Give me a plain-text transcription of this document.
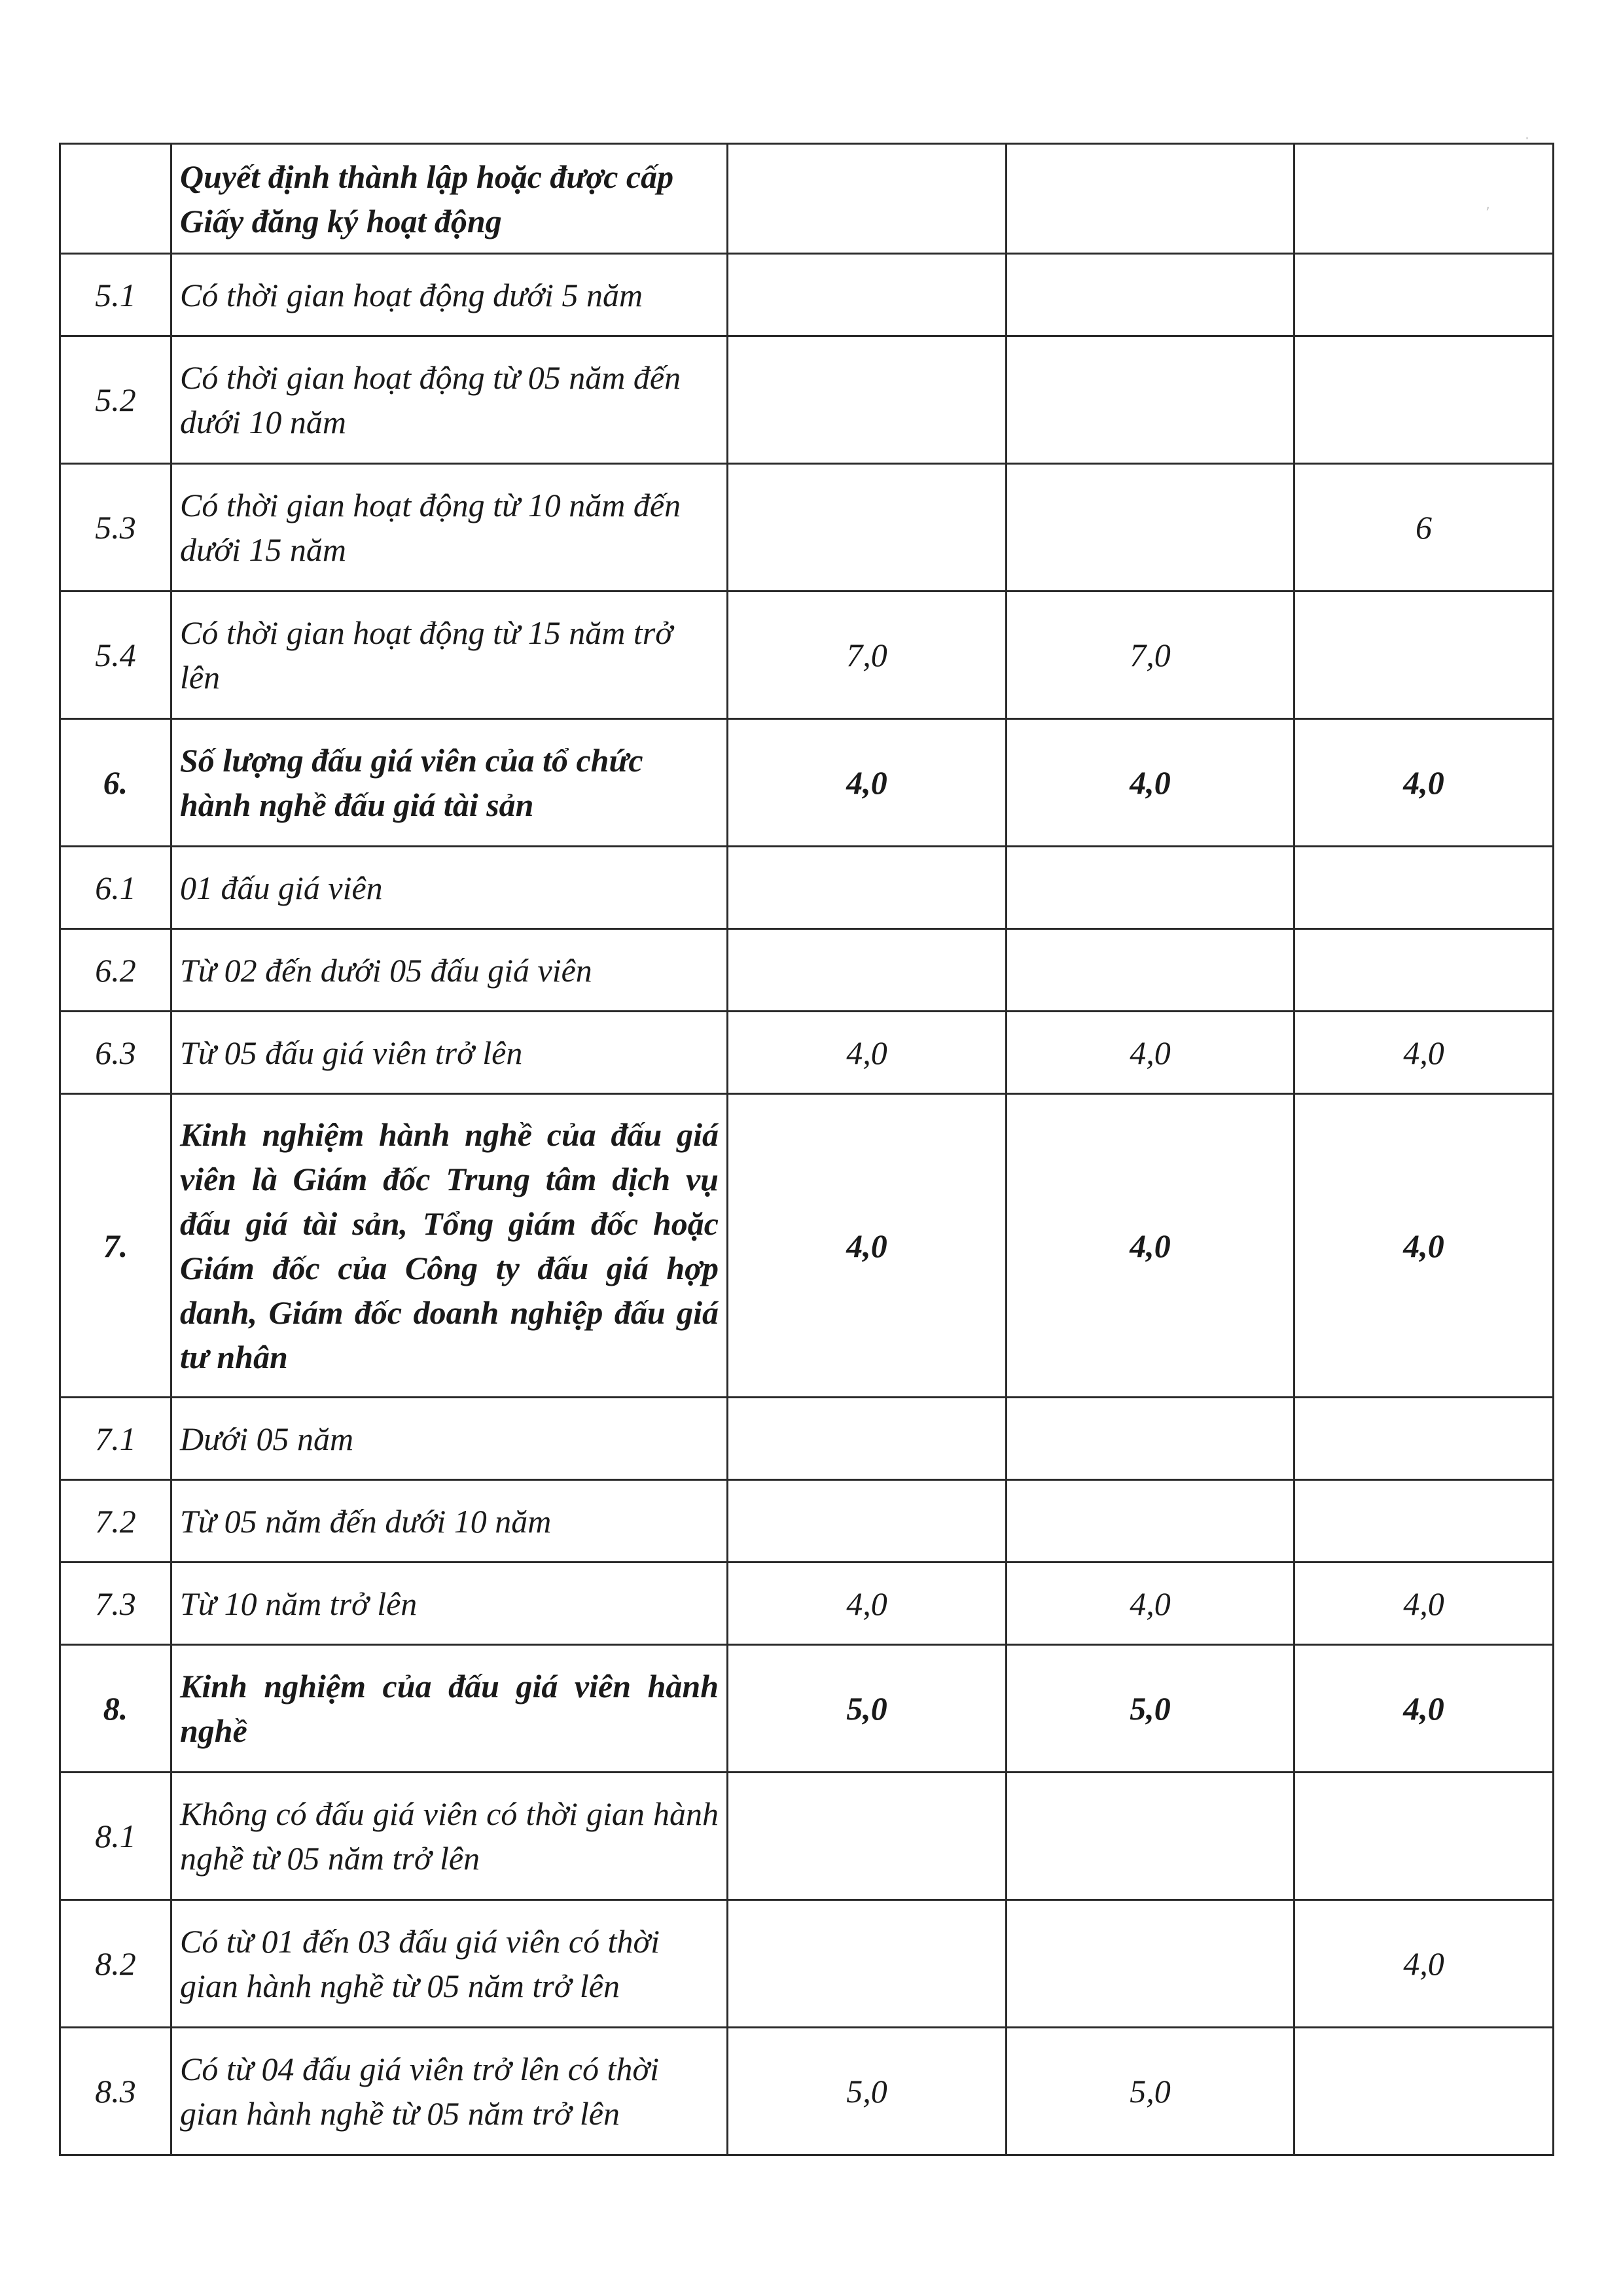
·
,
	Quyết định thành lập hoặc được cấp Giấy đăng ký hoạt động			
5.1	Có thời gian hoạt động dưới 5 năm			
5.2	Có thời gian hoạt động từ 05 năm đến dưới 10 năm			
5.3	Có thời gian hoạt động từ 10 năm đến dưới 15 năm			6
5.4	Có thời gian hoạt động từ 15 năm trở lên	7,0	7,0	
6.	Số lượng đấu giá viên của tổ chức hành nghề đấu giá tài sản	4,0	4,0	4,0
6.1	01 đấu giá viên			
6.2	Từ 02 đến dưới 05 đấu giá viên			
6.3	Từ 05 đấu giá viên trở lên	4,0	4,0	4,0
7.	Kinh nghiệm hành nghề của đấu giá viên là Giám đốc Trung tâm dịch vụ đấu giá tài sản, Tổng giám đốc hoặc Giám đốc của Công ty đấu giá hợp danh, Giám đốc doanh nghiệp đấu giá tư nhân	4,0	4,0	4,0
7.1	Dưới 05 năm			
7.2	Từ 05 năm đến dưới 10 năm			
7.3	Từ 10 năm trở lên	4,0	4,0	4,0
8.	Kinh nghiệm của đấu giá viên hành nghề	5,0	5,0	4,0
8.1	Không có đấu giá viên có thời gian hành nghề từ 05 năm trở lên			
8.2	Có từ 01 đến 03 đấu giá viên có thời gian hành nghề từ 05 năm trở lên			4,0
8.3	Có từ 04 đấu giá viên trở lên có thời gian hành nghề từ 05 năm trở lên	5,0	5,0	
